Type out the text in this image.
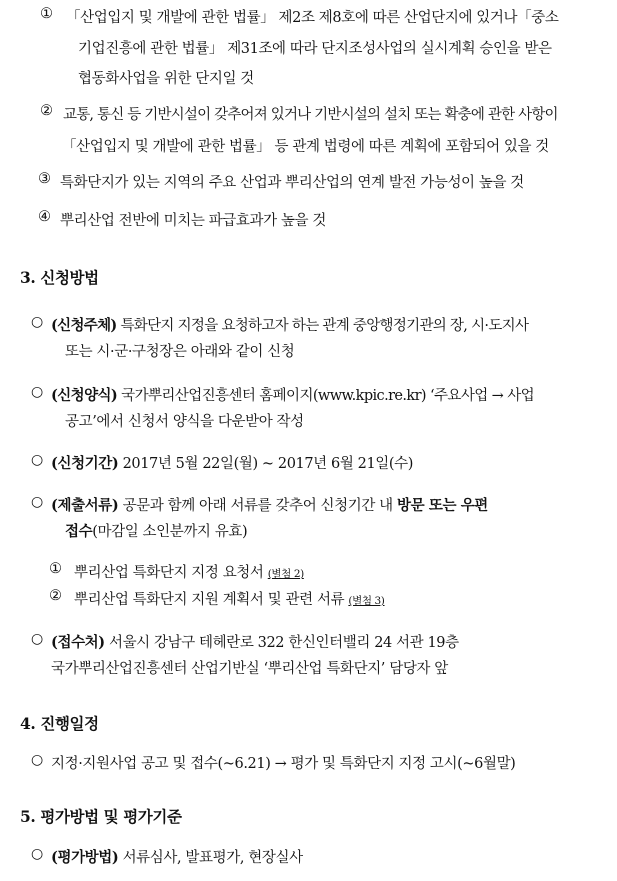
① 「산업입지 및 개발에 관한 법률」 제2조 제8호에 따른 산업단지에 있거나「중소
기업진흥에 관한 법률」 제31조에 따라 단지조성사업의 실시계획 승인을 받은
협동화사업을 위한 단지일 것
② 교통, 통신 등 기반시설이 갖추어져 있거나 기반시설의 설치 또는 확충에 관한 사항이
「산업입지 및 개발에 관한 법률」 등 관계 법령에 따른 계획에 포함되어 있을 것
③ 특화단지가 있는 지역의 주요 산업과 뿌리산업의 연계 발전 가능성이 높을 것
④ 뿌리산업 전반에 미치는 파급효과가 높을 것
3. 신청방법
○ (신청주체) 특화단지 지정을 요청하고자 하는 관계 중앙행정기관의 장, 시·도지사
또는 시·군·구청장은 아래와 같이 신청
○ (신청양식) 국가뿌리산업진흥센터 홈페이지(www.kpic.re.kr) ‘주요사업 → 사업
공고’에서 신청서 양식을 다운받아 작성
○ (신청기간) 2017년 5월 22일(월) ~ 2017년 6월 21일(수)
○ (제출서류) 공문과 함께 아래 서류를 갖추어 신청기간 내 방문 또는 우편
접수(마감일 소인분까지 유효)
① 뿌리산업 특화단지 지정 요청서 (별첨 2)
② 뿌리산업 특화단지 지원 계획서 및 관련 서류 (별첨 3)
○ (접수처) 서울시 강남구 테헤란로 322 한신인터밸리 24 서관 19층
국가뿌리산업진흥센터 산업기반실 ‘뿌리산업 특화단지’ 담당자 앞
4. 진행일정
○ 지정·지원사업 공고 및 접수(~6.21) → 평가 및 특화단지 지정 고시(~6월말)
5. 평가방법 및 평가기준
○ (평가방법) 서류심사, 발표평가, 현장실사
